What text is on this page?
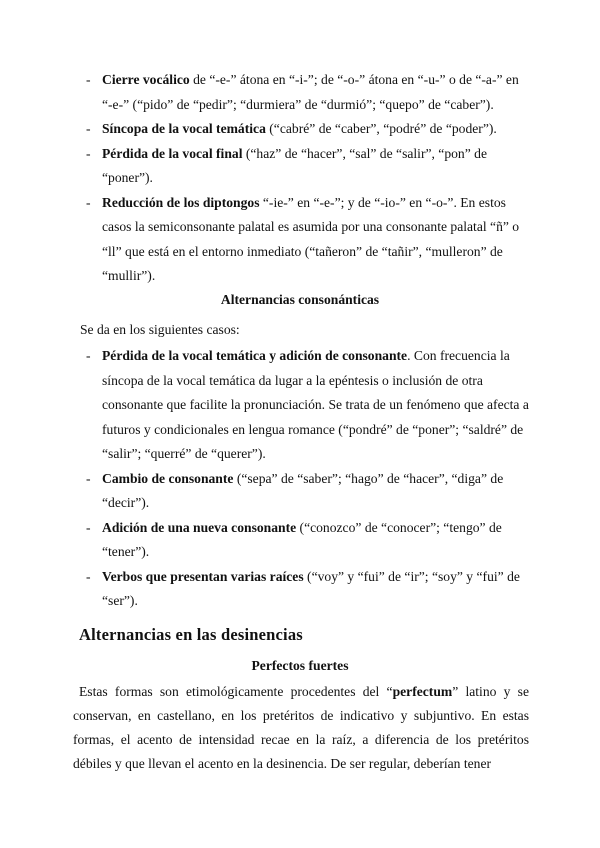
- Cierre vocálico de “-e-” átona en “-i-”; de “-o-” átona en “-u-” o de “-a-” en “-e-” (“pido” de “pedir”; “durmiera” de “durmió”; “quepo” de “caber”).
- Síncopa de la vocal temática (“cabré” de “caber”, “podré” de “poder”).
- Pérdida de la vocal final (“haz” de “hacer”, “sal” de “salir”, “pon” de “poner”).
- Reducción de los diptongos “-ie-” en “-e-”; y de “-io-” en “-o-”. En estos casos la semiconsonante palatal es asumida por una consonante palatal “ñ” o “ll” que está en el entorno inmediato (“tañeron” de “tañir”, “mulleron” de “mullir”).
Alternancias consonánticas
Se da en los siguientes casos:
- Pérdida de la vocal temática y adición de consonante. Con frecuencia la síncopa de la vocal temática da lugar a la epéntesis o inclusión de otra consonante que facilite la pronunciación. Se trata de un fenómeno que afecta a futuros y condicionales en lengua romance (“pondré” de “poner”; “saldré” de “salir”; “querré” de “querer”).
- Cambio de consonante (“sepa” de “saber”; “hago” de “hacer”, “diga” de “decir”).
- Adición de una nueva consonante (“conozco” de “conocer”; “tengo” de “tener”).
- Verbos que presentan varias raíces (“voy” y “fui” de “ir”; “soy” y “fui” de “ser”).
Alternancias en las desinencias
Perfectos fuertes

Estas formas son etimológicamente procedentes del “perfectum” latino y se conservan, en castellano, en los pretéritos de indicativo y subjuntivo. En estas formas, el acento de intensidad recae en la raíz, a diferencia de los pretéritos débiles y que llevan el acento en la desinencia. De ser regular, deberían tener
